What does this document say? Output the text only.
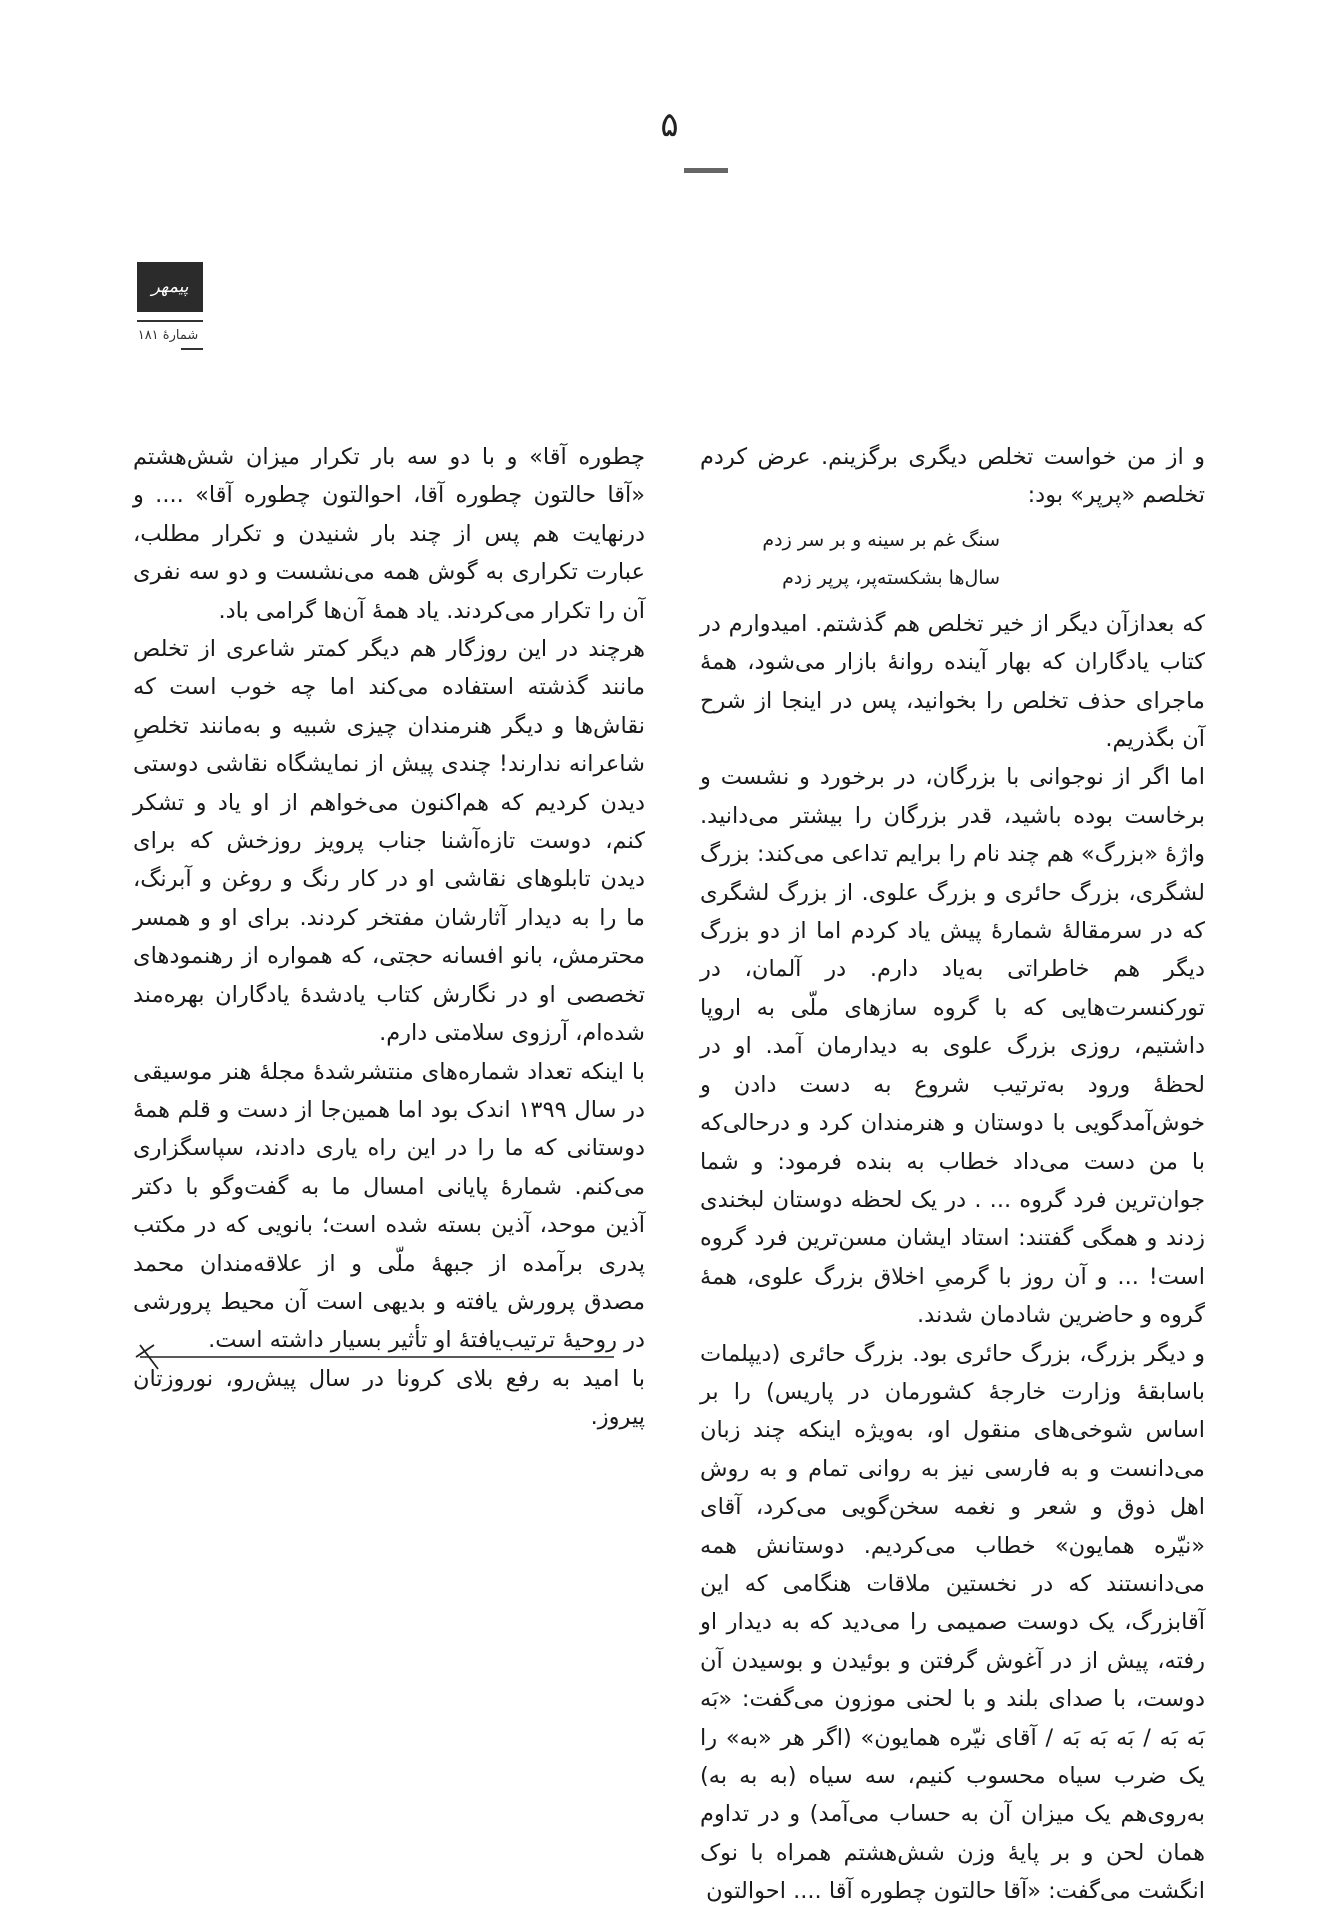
۵
پیمهر
شمارهٔ ۱۸۱

و از من خواست تخلص دیگری برگزینم. عرض کردم تخلصم «پرپر» بود:

سنگ غم بر سینه و بر سر زدم
سال‌ها بشکسته‌پر، پرپر زدم

که بعدازآن دیگر از خیر تخلص هم گذشتم. امیدوارم در کتاب یادگاران که بهار آینده روانهٔ بازار می‌شود، همهٔ ماجرای حذف تخلص را بخوانید، پس در اینجا از شرح آن بگذریم.

اما اگر از نوجوانی با بزرگان، در برخورد و نشست و برخاست بوده باشید، قدر بزرگان را بیشتر می‌دانید. واژهٔ «بزرگ» هم چند نام را برایم تداعی می‌کند: بزرگ لشگری، بزرگ حائری و بزرگ علوی. از بزرگ لشگری که در سرمقالهٔ شمارهٔ پیش یاد کردم اما از دو بزرگ دیگر هم خاطراتی به‌یاد دارم. در آلمان، در تورکنسرت‌هایی که با گروه سازهای ملّی به اروپا داشتیم، روزی بزرگ علوی به دیدارمان آمد. او در لحظهٔ ورود به‌ترتیب شروع به دست دادن و خوش‌آمدگویی با دوستان و هنرمندان کرد و درحالی‌که با من دست می‌داد خطاب به بنده فرمود: و شما جوان‌ترین فرد گروه ... . در یک لحظه دوستان لبخندی زدند و همگی گفتند: استاد ایشان مسن‌ترین فرد گروه است! ... و آن روز با گرمیِ اخلاق بزرگ علوی، همهٔ گروه و حاضرین شادمان شدند.

و دیگر بزرگ، بزرگ حائری بود. بزرگ حائری (دیپلمات باسابقهٔ وزارت خارجهٔ کشورمان در پاریس) را بر اساس شوخی‌های منقول او، به‌ویژه اینکه چند زبان می‌دانست و به فارسی نیز به روانی تمام و به روش اهل ذوق و شعر و نغمه سخن‌گویی می‌کرد، آقای «نیّره همایون» خطاب می‌کردیم. دوستانش همه می‌دانستند که در نخستین ملاقات هنگامی که این آقابزرگ، یک دوست صمیمی را می‌دید که به دیدار او رفته، پیش از در آغوش گرفتن و بوئیدن و بوسیدن آن دوست، با صدای بلند و با لحنی موزون می‌گفت: «بَه بَه بَه / بَه بَه بَه / آقای نیّره همایون» (اگر هر «به» را یک ضرب سیاه محسوب کنیم، سه سیاه (به به به) به‌روی‌هم یک میزان آن به حساب می‌آمد) و در تداوم همان لحن و بر پایهٔ وزن شش‌هشتم همراه با نوک انگشت می‌گفت: «آقا حالتون چطوره آقا .... احوالتون

چطوره آقا» و با دو سه بار تکرار میزان شش‌هشتم «آقا حالتون چطوره آقا، احوالتون چطوره آقا» .... و درنهایت هم پس از چند بار شنیدن و تکرار مطلب، عبارت تکراری به گوش همه می‌نشست و دو سه نفری آن را تکرار می‌کردند. یاد همهٔ آن‌ها گرامی باد.

هرچند در این روزگار هم دیگر کمتر شاعری از تخلص مانند گذشته استفاده می‌کند اما چه خوب است که نقاش‌ها و دیگر هنرمندان چیزی شبیه و به‌مانند تخلصِ شاعرانه ندارند! چندی پیش از نمایشگاه نقاشی دوستی دیدن کردیم که هم‌اکنون می‌خواهم از او یاد و تشکر کنم، دوست تازه‌آشنا جناب پرویز روزخش که برای دیدن تابلوهای نقاشی او در کار رنگ و روغن و آبرنگ، ما را به دیدار آثارشان مفتخر کردند. برای او و همسر محترمش، بانو افسانه حجتی، که همواره از رهنمودهای تخصصی او در نگارش کتاب یادشدهٔ یادگاران بهره‌مند شده‌ام، آرزوی سلامتی دارم.

با اینکه تعداد شماره‌های منتشرشدهٔ مجلهٔ هنر موسیقی در سال ۱۳۹۹ اندک بود اما همین‌جا از دست و قلم همهٔ دوستانی که ما را در این راه یاری دادند، سپاسگزاری می‌کنم. شمارهٔ پایانی امسال ما به گفت‌وگو با دکتر آذین موحد، آذین بسته شده است؛ بانویی که در مکتب پدری برآمده از جبههٔ ملّی و از علاقه‌مندان محمد مصدق پرورش یافته و بدیهی است آن محیط پرورشی در روحیهٔ ترتیب‌یافتهٔ او تأثیر بسیار داشته است.

با امید به رفع بلای کرونا در سال پیش‌رو، نوروزتان پیروز.
